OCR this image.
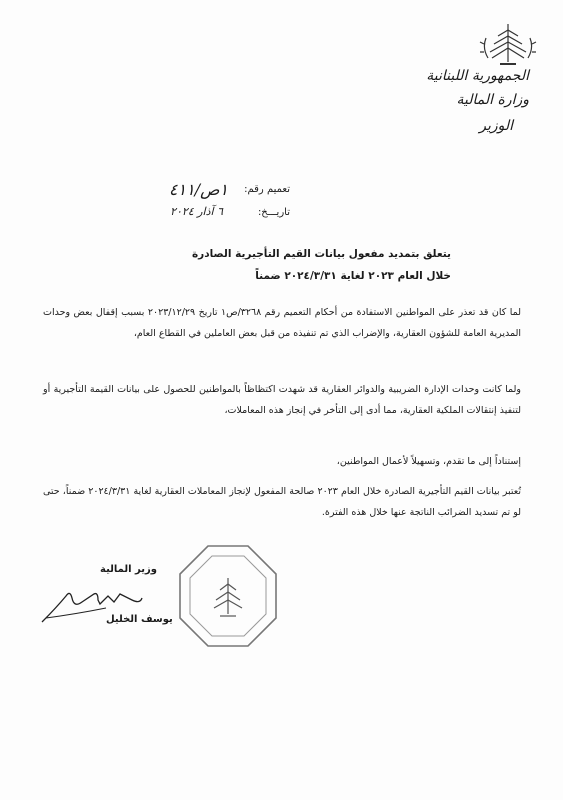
الجمهورية اللبنانية
وزارة المالية
الوزير
تعميم رقم:
١ص/٤١١
تاريـــخ:
٦ آذار ٢٠٢٤
يتعلق بتمديد مفعول بيانات القيم التأجيرية الصادرة
خلال العام ٢٠٢٣ لغاية ٢٠٢٤/٣/٣١ ضمناً
لما كان قد تعذر على المواطنين الاستفادة من أحكام التعميم رقم ٣٢٦٨/ص١ تاريخ ٢٠٢٣/١٢/٢٩ بسبب إقفال بعض وحدات المديرية العامة للشؤون العقارية، والإضراب الذي تم تنفيذه من قبل بعض العاملين في القطاع العام،
ولما كانت وحدات الإدارة الضريبية والدوائر العقارية قد شهدت اكتظاظاً بالمواطنين للحصول على بيانات القيمة التأجيرية أو لتنفيذ إنتقالات الملكية العقارية، مما أدى إلى التأخر في إنجاز هذه المعاملات،
إستناداً إلى ما تقدم، وتسهيلاً لأعمال المواطنين،
تُعتبر بيانات القيم التأجيرية الصادرة خلال العام ٢٠٢٣ صالحة المفعول لإنجاز المعاملات العقارية لغاية ٢٠٢٤/٣/٣١ ضمناً، حتى لو تم تسديد الضرائب الناتجة عنها خلال هذه الفترة.
وزير المالية
يوسف الخليل
